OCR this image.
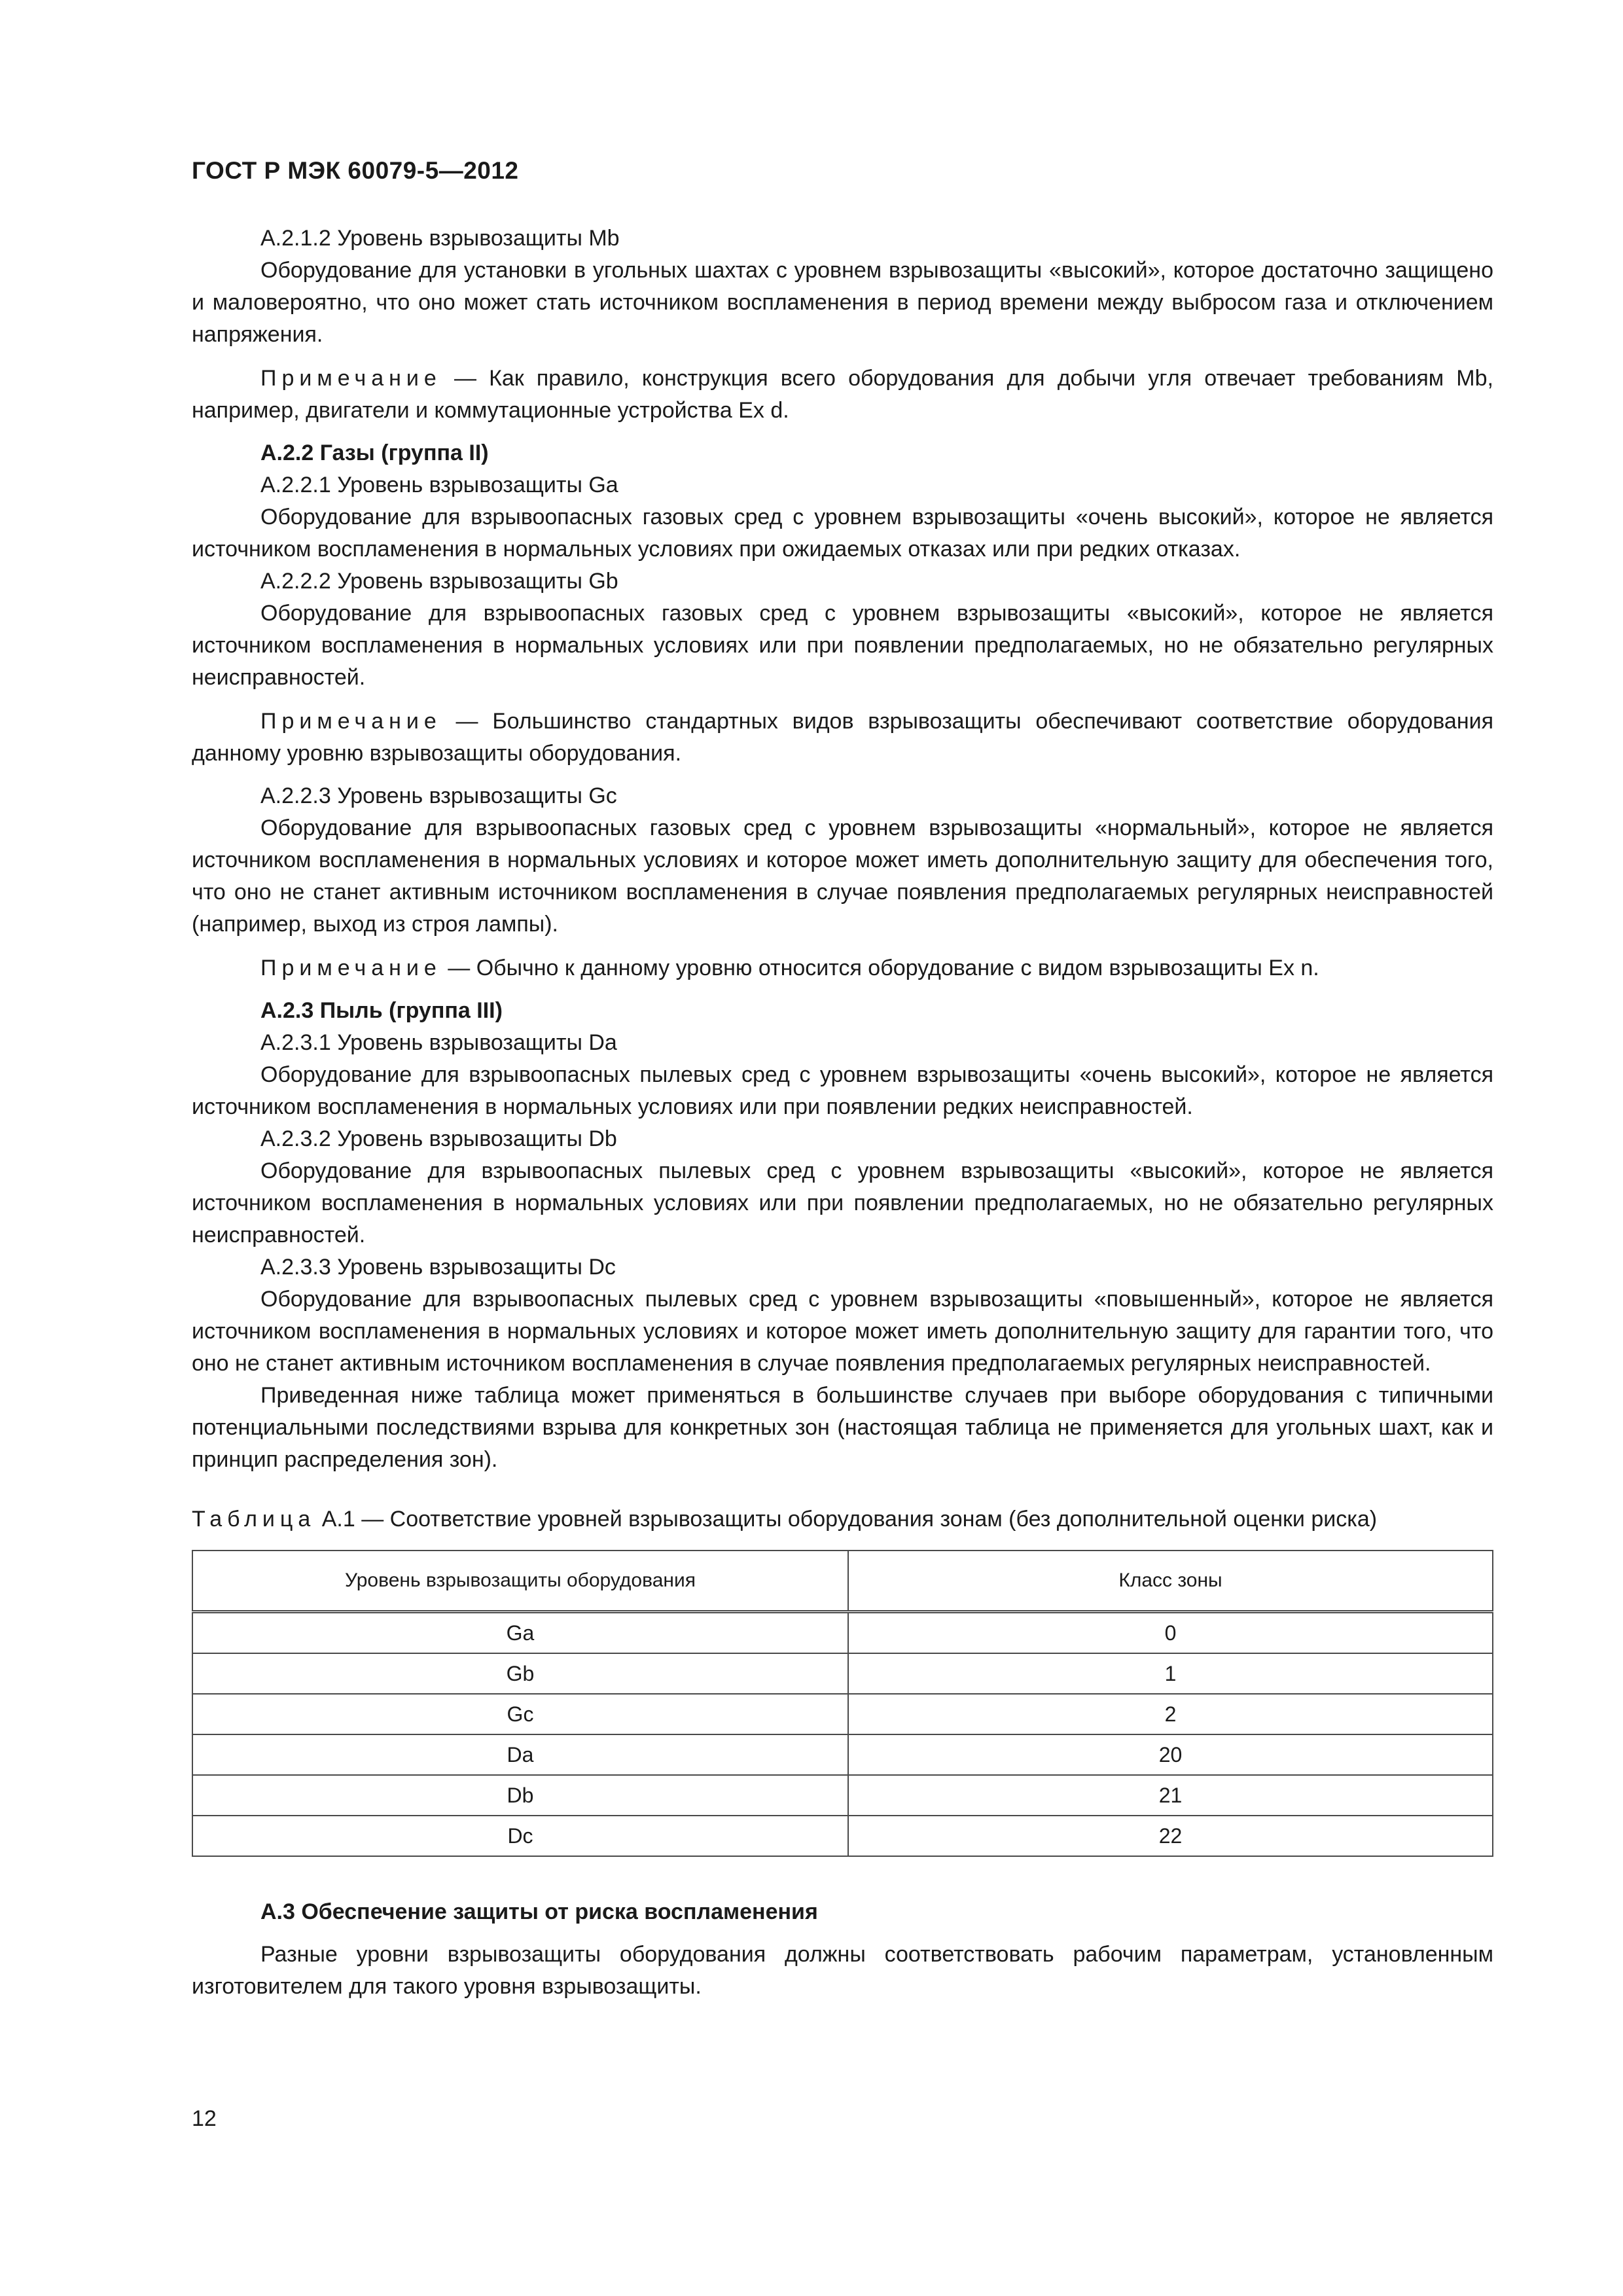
ГОСТ Р МЭК 60079-5—2012

А.2.1.2 Уровень взрывозащиты Mb

Оборудование для установки в угольных шахтах с уровнем взрывозащиты «высокий», которое достаточно защищено и маловероятно, что оно может стать источником воспламенения в период времени между выбросом газа и отключением напряжения.

Примечание — Как правило, конструкция всего оборудования для добычи угля отвечает требованиям Mb, например, двигатели и коммутационные устройства Ex d.

А.2.2 Газы (группа II)

А.2.2.1 Уровень взрывозащиты Ga

Оборудование для взрывоопасных газовых сред с уровнем взрывозащиты «очень высокий», которое не является источником воспламенения в нормальных условиях при ожидаемых отказах или при редких отказах.

А.2.2.2 Уровень взрывозащиты Gb

Оборудование для взрывоопасных газовых сред с уровнем взрывозащиты «высокий», которое не является источником воспламенения в нормальных условиях или при появлении предполагаемых, но не обязательно регулярных неисправностей.

Примечание — Большинство стандартных видов взрывозащиты обеспечивают соответствие оборудования данному уровню взрывозащиты оборудования.

А.2.2.3 Уровень взрывозащиты Gc

Оборудование для взрывоопасных газовых сред с уровнем взрывозащиты «нормальный», которое не является источником воспламенения в нормальных условиях и которое может иметь дополнительную защиту для обеспечения того, что оно не станет активным источником воспламенения в случае появления предполагаемых регулярных неисправностей (например, выход из строя лампы).

Примечание — Обычно к данному уровню относится оборудование с видом взрывозащиты Ex n.

А.2.3 Пыль (группа III)

А.2.3.1 Уровень взрывозащиты Da

Оборудование для взрывоопасных пылевых сред с уровнем взрывозащиты «очень высокий», которое не является источником воспламенения в нормальных условиях или при появлении редких неисправностей.

А.2.3.2 Уровень взрывозащиты Db

Оборудование для взрывоопасных пылевых сред с уровнем взрывозащиты «высокий», которое не является источником воспламенения в нормальных условиях или при появлении предполагаемых, но не обязательно регулярных неисправностей.

А.2.3.3 Уровень взрывозащиты Dc

Оборудование для взрывоопасных пылевых сред с уровнем взрывозащиты «повышенный», которое не является источником воспламенения в нормальных условиях и которое может иметь дополнительную защиту для гарантии того, что оно не станет активным источником воспламенения в случае появления предполагаемых регулярных неисправностей.

Приведенная ниже таблица может применяться в большинстве случаев при выборе оборудования с типичными потенциальными последствиями взрыва для конкретных зон (настоящая таблица не применяется для угольных шахт, как и принцип распределения зон).

Таблица А.1 — Соответствие уровней взрывозащиты оборудования зонам (без дополнительной оценки риска)

Уровень взрывозащиты оборудования	Класс зоны
Ga	0
Gb	1
Gc	2
Da	20
Db	21
Dc	22

А.3 Обеспечение защиты от риска воспламенения

Разные уровни взрывозащиты оборудования должны соответствовать рабочим параметрам, установленным изготовителем для такого уровня взрывозащиты.

12
